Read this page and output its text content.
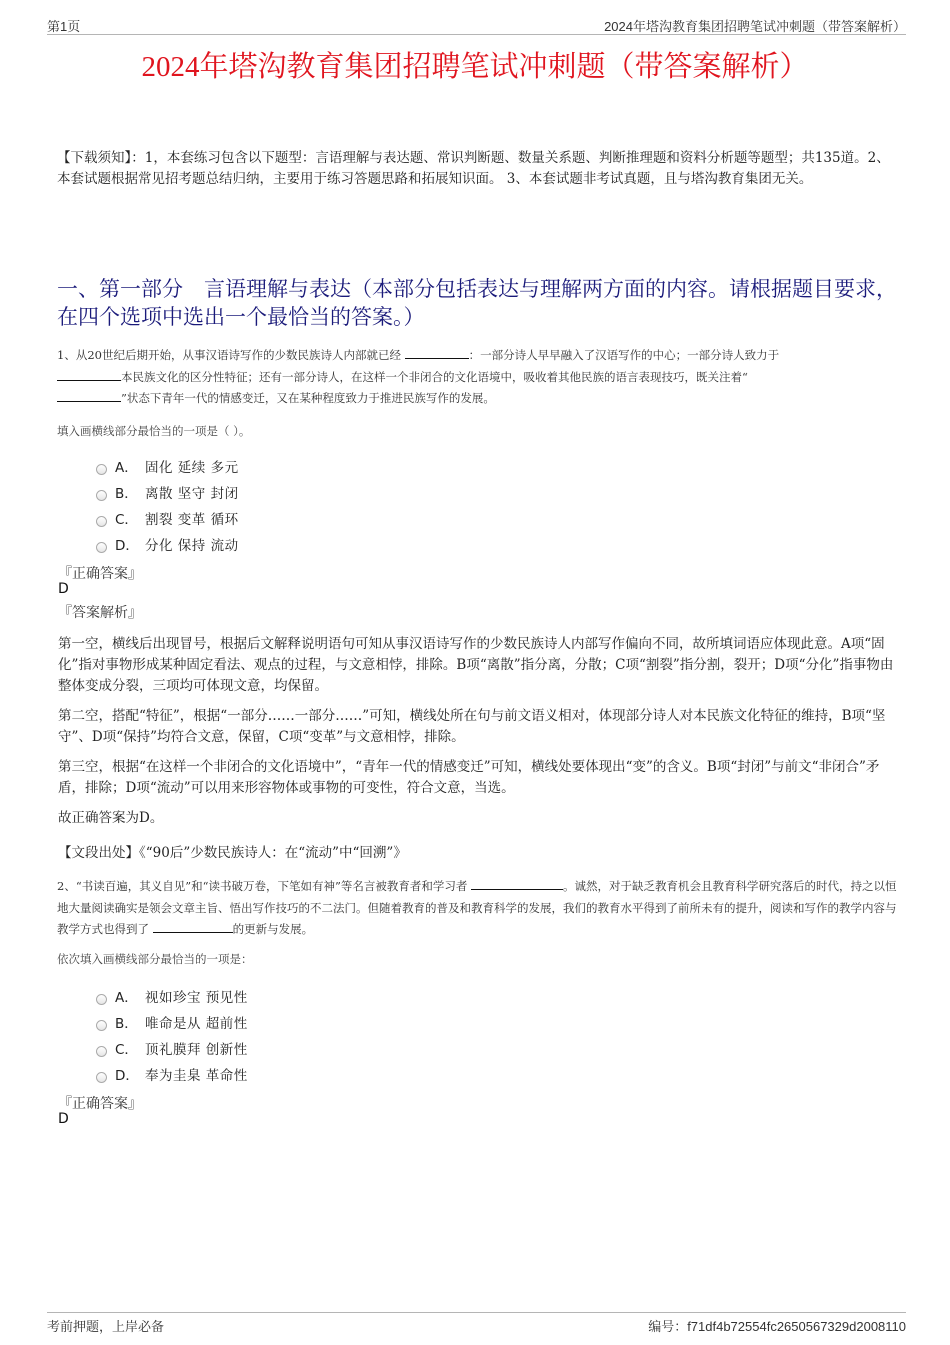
第1页	2024年塔沟教育集团招聘笔试冲刺题（带答案解析）
2024年塔沟教育集团招聘笔试冲刺题（带答案解析）
【下载须知】：1，本套练习包含以下题型：言语理解与表达题、常识判断题、数量关系题、判断推理题和资料分析题等题型；共135道。2、本套试题根据常见招考题总结归纳，主要用于练习答题思路和拓展知识面。 3、本套试题非考试真题，且与塔沟教育集团无关。
一、第一部分　言语理解与表达（本部分包括表达与理解两方面的内容。请根据题目要求，在四个选项中选出一个最恰当的答案。）
1、从20世纪后期开始，从事汉语诗写作的少数民族诗人内部就已经	：一部分诗人早早融入了汉语写作的中心；一部分诗人致力于
本民族文化的区分性特征；还有一部分诗人，在这样一个非闭合的文化语境中，吸收着其他民族的语言表现技巧，既关注着“
”状态下青年一代的情感变迁，又在某种程度致力于推进民族写作的发展。
填入画横线部分最恰当的一项是（ ）。
A． 固化 延续 多元
B． 离散 坚守 封闭
C． 割裂 变革 循环
D． 分化 保持 流动
『正确答案』
D
『答案解析』
第一空，横线后出现冒号，根据后文解释说明语句可知从事汉语诗写作的少数民族诗人内部写作偏向不同，故所填词语应体现此意。A项“固化”指对事物形成某种固定看法、观点的过程，与文意相悖，排除。B项“离散”指分离，分散；C项“割裂”指分割，裂开；D项“分化”指事物由整体变成分裂，三项均可体现文意，均保留。
第二空，搭配“特征”，根据“一部分……一部分……”可知，横线处所在句与前文语义相对，体现部分诗人对本民族文化特征的维持，B项“坚守”、D项“保持”均符合文意，保留，C项“变革”与文意相悖，排除。
第三空，根据“在这样一个非闭合的文化语境中”，“青年一代的情感变迁”可知，横线处要体现出“变”的含义。B项“封闭”与前文“非闭合”矛盾，排除；D项“流动”可以用来形容物体或事物的可变性，符合文意，当选。
故正确答案为D。
【文段出处】《“90后”少数民族诗人：在“流动”中“回溯”》
2、“书读百遍，其义自见”和“读书破万卷，下笔如有神”等名言被教育者和学习者	。诚然，对于缺乏教育机会且教育科学研究落后的时代，持之以恒地大量阅读确实是领会文章主旨、悟出写作技巧的不二法门。但随着教育的普及和教育科学的发展，我们的教育水平得到了前所未有的提升，阅读和写作的教学内容与教学方式也得到了	的更新与发展。
依次填入画横线部分最恰当的一项是：
A． 视如珍宝 预见性
B． 唯命是从 超前性
C． 顶礼膜拜 创新性
D． 奉为圭臬 革命性
『正确答案』
D
考前押题，上岸必备	编号：f71df4b72554fc2650567329d2008110
